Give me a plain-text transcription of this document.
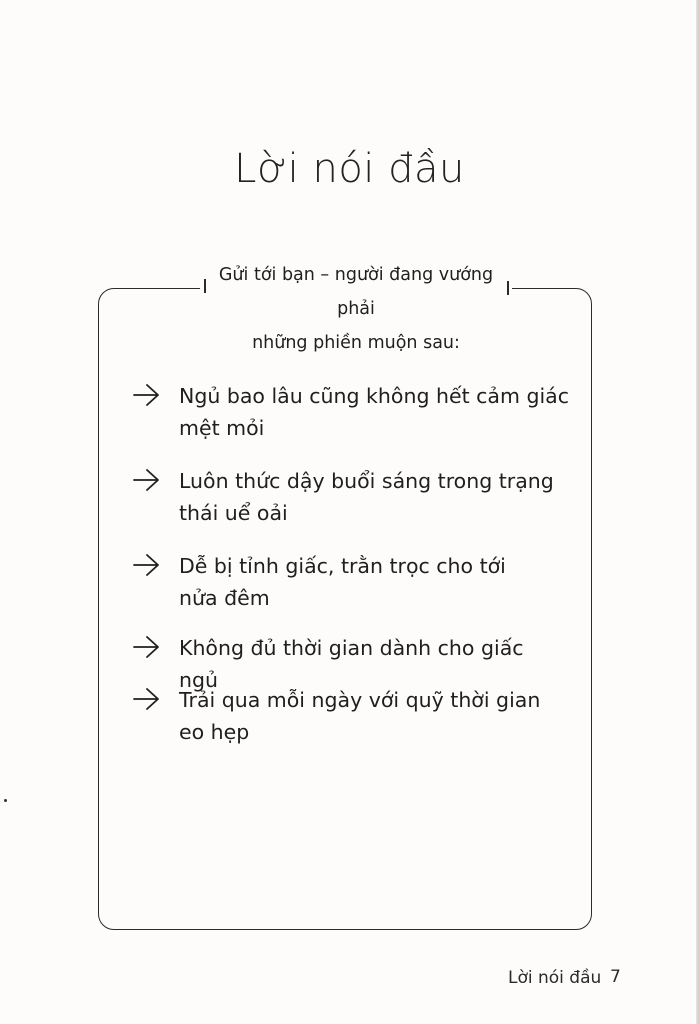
Lời nói đầu
Gửi tới bạn – người đang vướng phải
những phiền muộn sau:
Ngủ bao lâu cũng không hết cảm giác
mệt mỏi
Luôn thức dậy buổi sáng trong trạng
thái uể oải
Dễ bị tỉnh giấc, trằn trọc cho tới
nửa đêm
Không đủ thời gian dành cho giấc ngủ
Trải qua mỗi ngày với quỹ thời gian
eo hẹp
Lời nói đầu 7
